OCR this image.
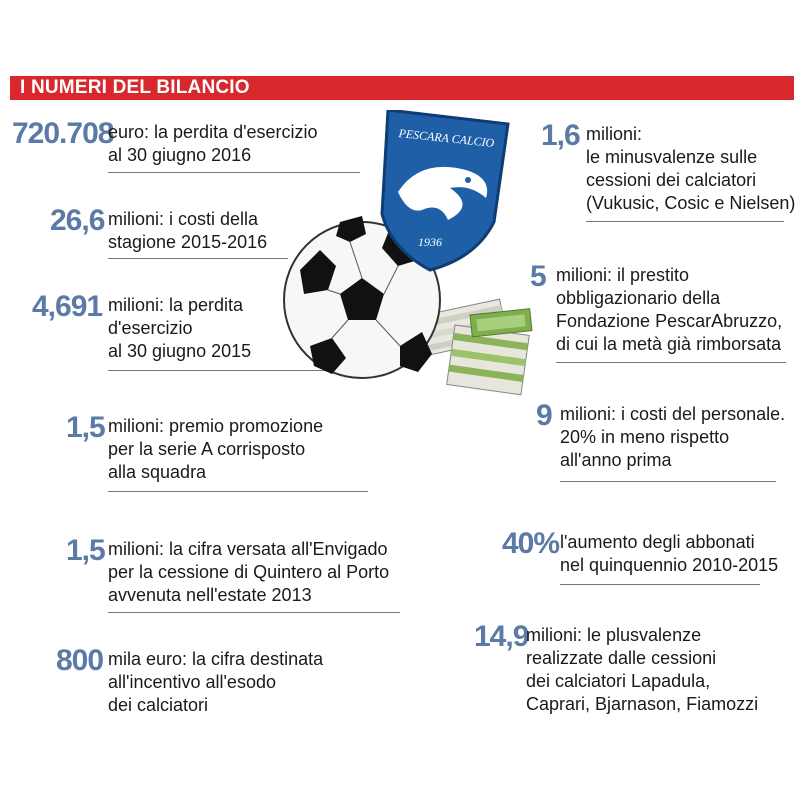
I NUMERI DEL BILANCIO
720.708
euro: la perdita d'esercizio
al 30 giugno 2016
26,6 milioni: i costi della
stagione 2015-2016
4,691 milioni: la perdita
d'esercizio
al 30 giugno 2015
1,5 milioni: premio promozione
per la serie A corrisposto
alla squadra
1,5 milioni: la cifra versata all'Envigado
per la cessione di Quintero al Porto
avvenuta nell'estate 2013
800 mila euro: la cifra destinata
all'incentivo all'esodo
dei calciatori
1,6 milioni:
le minusvalenze sulle
cessioni dei calciatori
(Vukusic, Cosic e Nielsen)
5 milioni: il prestito
obbligazionario della
Fondazione PescarAbruzzo,
di cui la metà già rimborsata
9 milioni: i costi del personale.
20% in meno rispetto
all'anno prima
40% l'aumento degli abbonati
nel quinquennio 2010-2015
14,9
milioni: le plusvalenze
realizzate dalle cessioni
dei calciatori Lapadula,
Caprari, Bjarnason, Fiamozzi
PESCARA CALCIO
1936
